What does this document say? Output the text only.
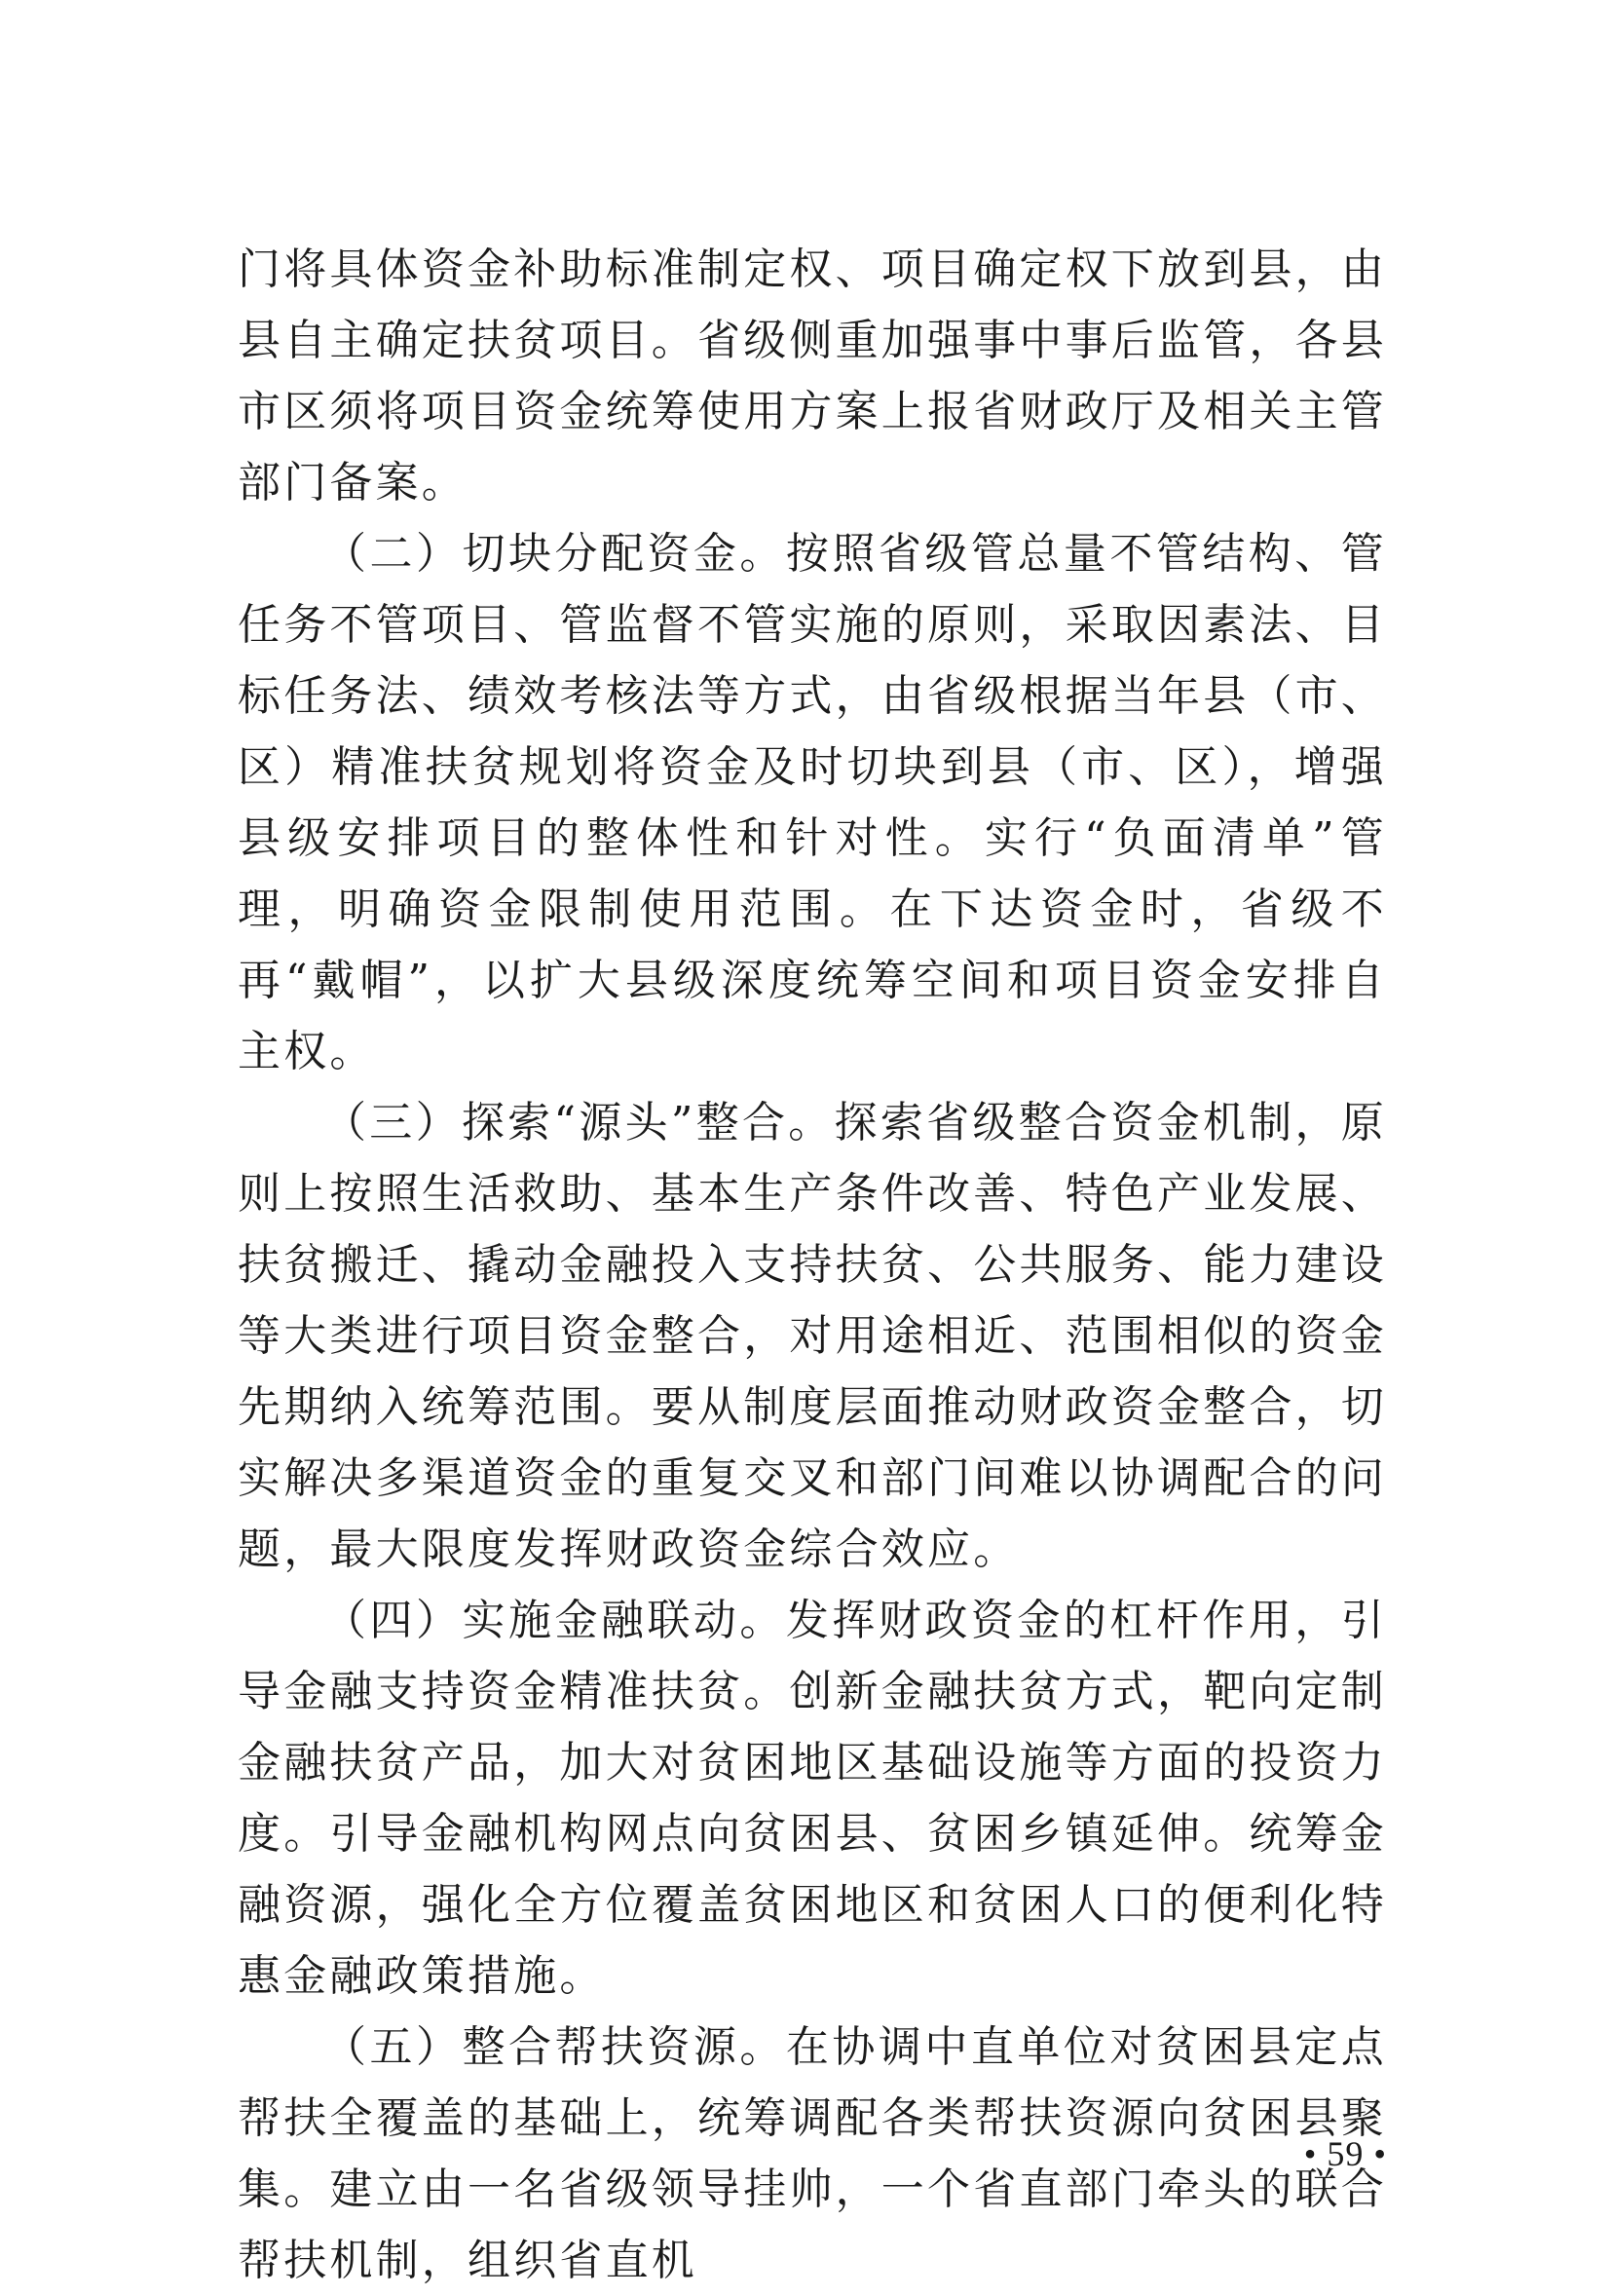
门将具体资金补助标准制定权、项目确定权下放到县，由县自主确定扶贫项目。省级侧重加强事中事后监管，各县市区须将项目资金统筹使用方案上报省财政厅及相关主管部门备案。

（二）切块分配资金。按照省级管总量不管结构、管任务不管项目、管监督不管实施的原则，采取因素法、目标任务法、绩效考核法等方式，由省级根据当年县（市、区）精准扶贫规划将资金及时切块到县（市、区），增强县级安排项目的整体性和针对性。实行“负面清单”管理，明确资金限制使用范围。在下达资金时，省级不再“戴帽”，以扩大县级深度统筹空间和项目资金安排自主权。

（三）探索“源头”整合。探索省级整合资金机制，原则上按照生活救助、基本生产条件改善、特色产业发展、扶贫搬迁、撬动金融投入支持扶贫、公共服务、能力建设等大类进行项目资金整合，对用途相近、范围相似的资金先期纳入统筹范围。要从制度层面推动财政资金整合，切实解决多渠道资金的重复交叉和部门间难以协调配合的问题，最大限度发挥财政资金综合效应。

（四）实施金融联动。发挥财政资金的杠杆作用，引导金融支持资金精准扶贫。创新金融扶贫方式，靶向定制金融扶贫产品，加大对贫困地区基础设施等方面的投资力度。引导金融机构网点向贫困县、贫困乡镇延伸。统筹金融资源，强化全方位覆盖贫困地区和贫困人口的便利化特惠金融政策措施。

（五）整合帮扶资源。在协调中直单位对贫困县定点帮扶全覆盖的基础上，统筹调配各类帮扶资源向贫困县聚集。建立由一名省级领导挂帅，一个省直部门牵头的联合帮扶机制，组织省直机

• 59 •
